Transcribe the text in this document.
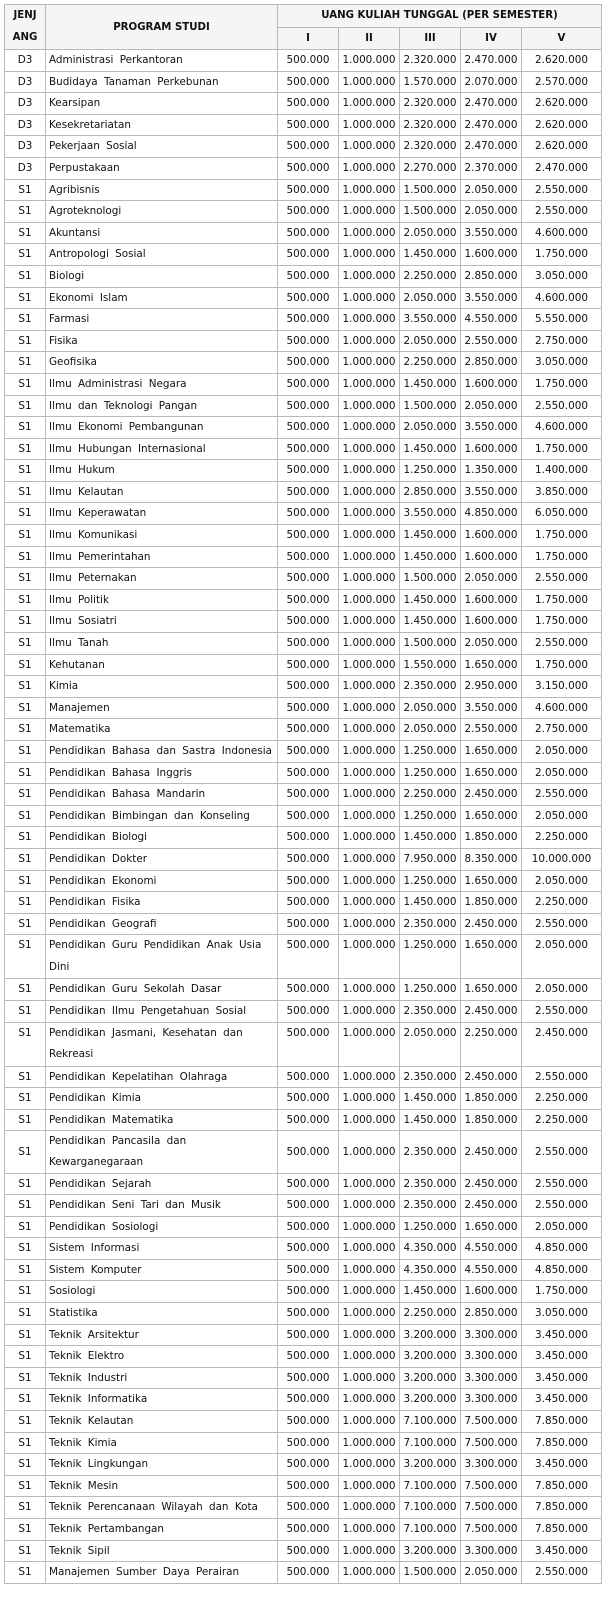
JENJ ANG	PROGRAM STUDI	UANG KULIAH TUNGGAL (PER SEMESTER)				
		I	II	III	IV	V
D3	Administrasi Perkantoran	500.000	1.000.000	2.320.000	2.470.000	2.620.000
D3	Budidaya Tanaman Perkebunan	500.000	1.000.000	1.570.000	2.070.000	2.570.000
D3	Kearsipan	500.000	1.000.000	2.320.000	2.470.000	2.620.000
D3	Kesekretariatan	500.000	1.000.000	2.320.000	2.470.000	2.620.000
D3	Pekerjaan Sosial	500.000	1.000.000	2.320.000	2.470.000	2.620.000
D3	Perpustakaan	500.000	1.000.000	2.270.000	2.370.000	2.470.000
S1	Agribisnis	500.000	1.000.000	1.500.000	2.050.000	2.550.000
S1	Agroteknologi	500.000	1.000.000	1.500.000	2.050.000	2.550.000
S1	Akuntansi	500.000	1.000.000	2.050.000	3.550.000	4.600.000
S1	Antropologi Sosial	500.000	1.000.000	1.450.000	1.600.000	1.750.000
S1	Biologi	500.000	1.000.000	2.250.000	2.850.000	3.050.000
S1	Ekonomi Islam	500.000	1.000.000	2.050.000	3.550.000	4.600.000
S1	Farmasi	500.000	1.000.000	3.550.000	4.550.000	5.550.000
S1	Fisika	500.000	1.000.000	2.050.000	2.550.000	2.750.000
S1	Geofisika	500.000	1.000.000	2.250.000	2.850.000	3.050.000
S1	Ilmu Administrasi Negara	500.000	1.000.000	1.450.000	1.600.000	1.750.000
S1	Ilmu dan Teknologi Pangan	500.000	1.000.000	1.500.000	2.050.000	2.550.000
S1	Ilmu Ekonomi Pembangunan	500.000	1.000.000	2.050.000	3.550.000	4.600.000
S1	Ilmu Hubungan Internasional	500.000	1.000.000	1.450.000	1.600.000	1.750.000
S1	Ilmu Hukum	500.000	1.000.000	1.250.000	1.350.000	1.400.000
S1	Ilmu Kelautan	500.000	1.000.000	2.850.000	3.550.000	3.850.000
S1	Ilmu Keperawatan	500.000	1.000.000	3.550.000	4.850.000	6.050.000
S1	Ilmu Komunikasi	500.000	1.000.000	1.450.000	1.600.000	1.750.000
S1	Ilmu Pemerintahan	500.000	1.000.000	1.450.000	1.600.000	1.750.000
S1	Ilmu Peternakan	500.000	1.000.000	1.500.000	2.050.000	2.550.000
S1	Ilmu Politik	500.000	1.000.000	1.450.000	1.600.000	1.750.000
S1	Ilmu Sosiatri	500.000	1.000.000	1.450.000	1.600.000	1.750.000
S1	Ilmu Tanah	500.000	1.000.000	1.500.000	2.050.000	2.550.000
S1	Kehutanan	500.000	1.000.000	1.550.000	1.650.000	1.750.000
S1	Kimia	500.000	1.000.000	2.350.000	2.950.000	3.150.000
S1	Manajemen	500.000	1.000.000	2.050.000	3.550.000	4.600.000
S1	Matematika	500.000	1.000.000	2.050.000	2.550.000	2.750.000
S1	Pendidikan Bahasa dan Sastra Indonesia	500.000	1.000.000	1.250.000	1.650.000	2.050.000
S1	Pendidikan Bahasa Inggris	500.000	1.000.000	1.250.000	1.650.000	2.050.000
S1	Pendidikan Bahasa Mandarin	500.000	1.000.000	2.250.000	2.450.000	2.550.000
S1	Pendidikan Bimbingan dan Konseling	500.000	1.000.000	1.250.000	1.650.000	2.050.000
S1	Pendidikan Biologi	500.000	1.000.000	1.450.000	1.850.000	2.250.000
S1	Pendidikan Dokter	500.000	1.000.000	7.950.000	8.350.000	10.000.000
S1	Pendidikan Ekonomi	500.000	1.000.000	1.250.000	1.650.000	2.050.000
S1	Pendidikan Fisika	500.000	1.000.000	1.450.000	1.850.000	2.250.000
S1	Pendidikan Geografi	500.000	1.000.000	2.350.000	2.450.000	2.550.000
S1	Pendidikan Guru Pendidikan Anak Usia Dini	500.000	1.000.000	1.250.000	1.650.000	2.050.000
S1	Pendidikan Guru Sekolah Dasar	500.000	1.000.000	1.250.000	1.650.000	2.050.000
S1	Pendidikan Ilmu Pengetahuan Sosial	500.000	1.000.000	2.350.000	2.450.000	2.550.000
S1	Pendidikan Jasmani, Kesehatan dan Rekreasi	500.000	1.000.000	2.050.000	2.250.000	2.450.000
S1	Pendidikan Kepelatihan Olahraga	500.000	1.000.000	2.350.000	2.450.000	2.550.000
S1	Pendidikan Kimia	500.000	1.000.000	1.450.000	1.850.000	2.250.000
S1	Pendidikan Matematika	500.000	1.000.000	1.450.000	1.850.000	2.250.000
S1	Pendidikan Pancasila dan Kewarganegaraan	500.000	1.000.000	2.350.000	2.450.000	2.550.000
S1	Pendidikan Sejarah	500.000	1.000.000	2.350.000	2.450.000	2.550.000
S1	Pendidikan Seni Tari dan Musik	500.000	1.000.000	2.350.000	2.450.000	2.550.000
S1	Pendidikan Sosiologi	500.000	1.000.000	1.250.000	1.650.000	2.050.000
S1	Sistem Informasi	500.000	1.000.000	4.350.000	4.550.000	4.850.000
S1	Sistem Komputer	500.000	1.000.000	4.350.000	4.550.000	4.850.000
S1	Sosiologi	500.000	1.000.000	1.450.000	1.600.000	1.750.000
S1	Statistika	500.000	1.000.000	2.250.000	2.850.000	3.050.000
S1	Teknik Arsitektur	500.000	1.000.000	3.200.000	3.300.000	3.450.000
S1	Teknik Elektro	500.000	1.000.000	3.200.000	3.300.000	3.450.000
S1	Teknik Industri	500.000	1.000.000	3.200.000	3.300.000	3.450.000
S1	Teknik Informatika	500.000	1.000.000	3.200.000	3.300.000	3.450.000
S1	Teknik Kelautan	500.000	1.000.000	7.100.000	7.500.000	7.850.000
S1	Teknik Kimia	500.000	1.000.000	7.100.000	7.500.000	7.850.000
S1	Teknik Lingkungan	500.000	1.000.000	3.200.000	3.300.000	3.450.000
S1	Teknik Mesin	500.000	1.000.000	7.100.000	7.500.000	7.850.000
S1	Teknik Perencanaan Wilayah dan Kota	500.000	1.000.000	7.100.000	7.500.000	7.850.000
S1	Teknik Pertambangan	500.000	1.000.000	7.100.000	7.500.000	7.850.000
S1	Teknik Sipil	500.000	1.000.000	3.200.000	3.300.000	3.450.000
S1	Manajemen Sumber Daya Perairan	500.000	1.000.000	1.500.000	2.050.000	2.550.000
